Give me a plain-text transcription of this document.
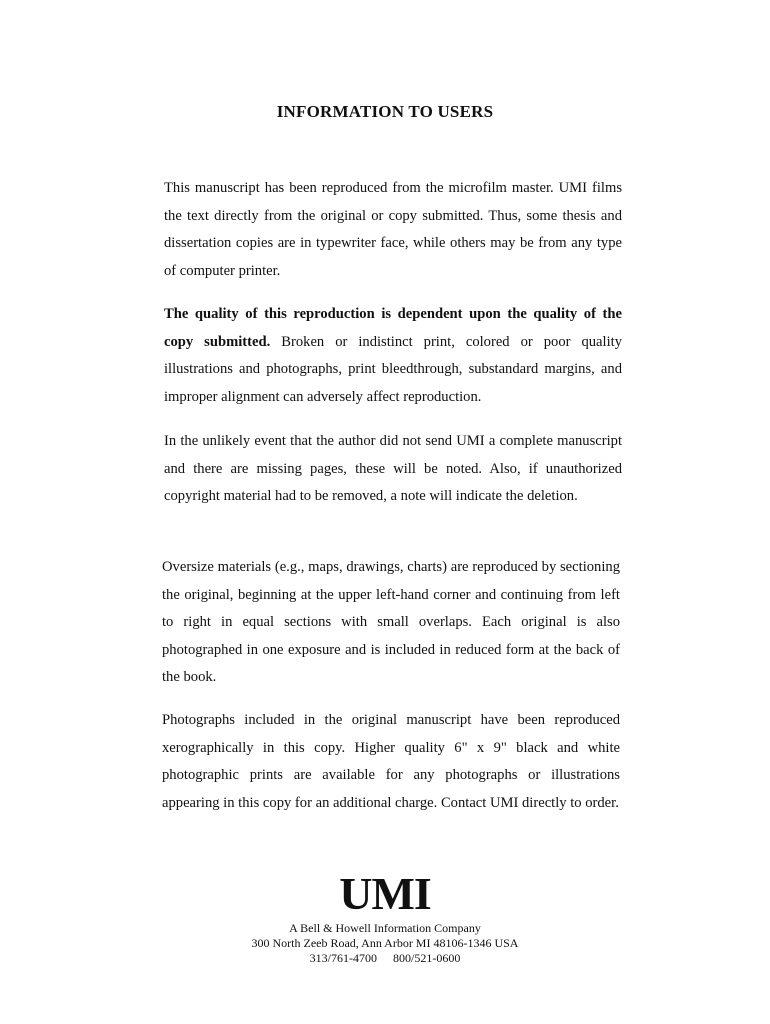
INFORMATION TO USERS
This manuscript has been reproduced from the microfilm master. UMI films the text directly from the original or copy submitted. Thus, some thesis and dissertation copies are in typewriter face, while others may be from any type of computer printer.
The quality of this reproduction is dependent upon the quality of the copy submitted. Broken or indistinct print, colored or poor quality illustrations and photographs, print bleedthrough, substandard margins, and improper alignment can adversely affect reproduction.
In the unlikely event that the author did not send UMI a complete manuscript and there are missing pages, these will be noted. Also, if unauthorized copyright material had to be removed, a note will indicate the deletion.
Oversize materials (e.g., maps, drawings, charts) are reproduced by sectioning the original, beginning at the upper left-hand corner and continuing from left to right in equal sections with small overlaps. Each original is also photographed in one exposure and is included in reduced form at the back of the book.
Photographs included in the original manuscript have been reproduced xerographically in this copy. Higher quality 6" x 9" black and white photographic prints are available for any photographs or illustrations appearing in this copy for an additional charge. Contact UMI directly to order.
UMI
A Bell & Howell Information Company
300 North Zeeb Road, Ann Arbor MI 48106-1346 USA
313/761-4700 800/521-0600
